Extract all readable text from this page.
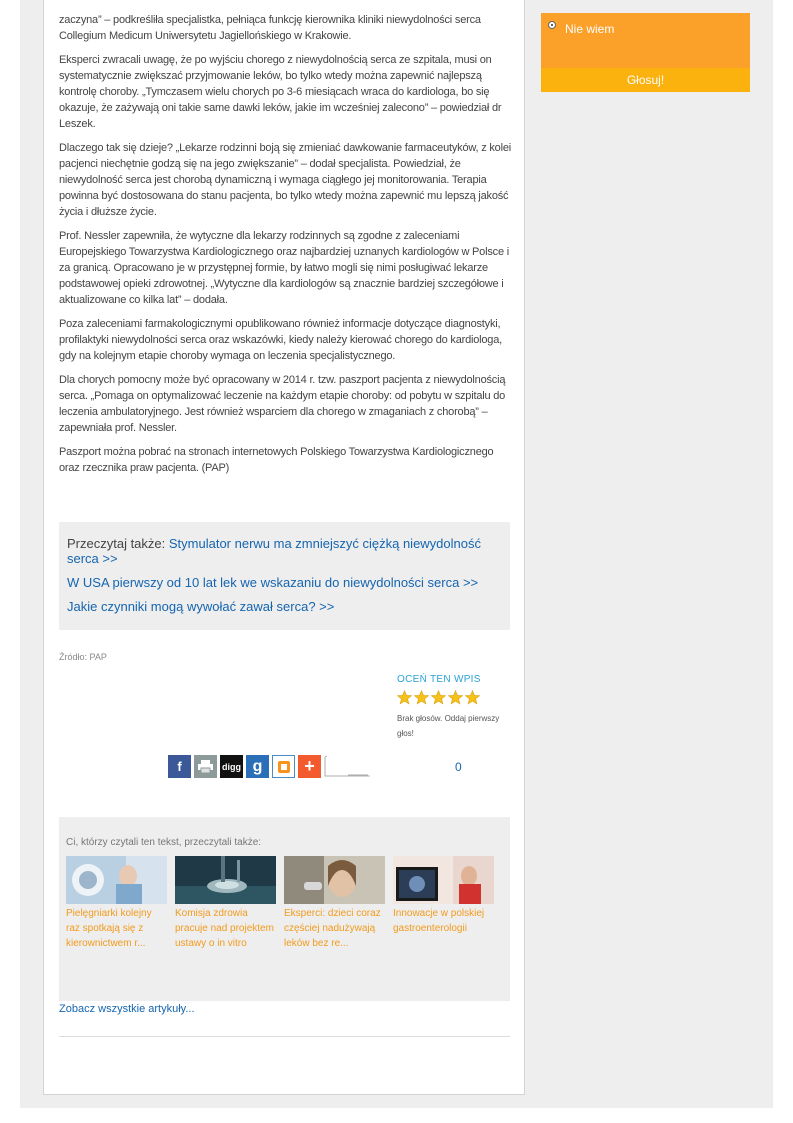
zaczyna” – podkreśliła specjalistka, pełniąca funkcję kierownika kliniki niewydolności serca Collegium Medicum Uniwersytetu Jagiellońskiego w Krakowie.

Eksperci zwracali uwagę, że po wyjściu chorego z niewydolnością serca ze szpitala, musi on systematycznie zwiększać przyjmowanie leków, bo tylko wtedy można zapewnić najlepszą kontrolę choroby. „Tymczasem wielu chorych po 3-6 miesiącach wraca do kardiologa, bo się okazuje, że zażywają oni takie same dawki leków, jakie im wcześniej zalecono” – powiedział dr Leszek.

Dlaczego tak się dzieje? „Lekarze rodzinni boją się zmieniać dawkowanie farmaceutyków, z kolei pacjenci niechętnie godzą się na jego zwiększanie” – dodał specjalista. Powiedział, że niewydolność serca jest chorobą dynamiczną i wymaga ciągłego jej monitorowania. Terapia powinna być dostosowana do stanu pacjenta, bo tylko wtedy można zapewnić mu lepszą jakość życia i dłuższe życie.

Prof. Nessler zapewniła, że wytyczne dla lekarzy rodzinnych są zgodne z zaleceniami Europejskiego Towarzystwa Kardiologicznego oraz najbardziej uznanych kardiologów w Polsce i za granicą. Opracowano je w przystępnej formie, by łatwo mogli się nimi posługiwać lekarze podstawowej opieki zdrowotnej. „Wytyczne dla kardiologów są znacznie bardziej szczegółowe i aktualizowane co kilka lat” – dodała.

Poza zaleceniami farmakologicznymi opublikowano również informacje dotyczące diagnostyki, profilaktyki niewydolności serca oraz wskazówki, kiedy należy kierować chorego do kardiologa, gdy na kolejnym etapie choroby wymaga on leczenia specjalistycznego.

Dla chorych pomocny może być opracowany w 2014 r. tzw. paszport pacjenta z niewydolnością serca. „Pomaga on optymalizować leczenie na każdym etapie choroby: od pobytu w szpitalu do leczenia ambulatoryjnego. Jest również wsparciem dla chorego w zmaganiach z chorobą” – zapewniała prof. Nessler.

Paszport można pobrać na stronach internetowych Polskiego Towarzystwa Kardiologicznego oraz rzecznika praw pacjenta. (PAP)

Przeczytaj także: Stymulator nerwu ma zmniejszyć ciężką niewydolność serca >>
W USA pierwszy od 10 lat lek we wskazaniu do niewydolności serca >>
Jakie czynniki mogą wywołać zawał serca? >>
Źródło: PAP
OCEŃ TEN WPIS
Brak głosów. Oddaj pierwszy głos!
f	digg g	+	0
Ci, którzy czytali ten tekst, przeczytali także:
Pielęgniarki kolejny raz spotkają się z kierownictwem r...
Komisja zdrowia pracuje nad projektem ustawy o in vitro
Eksperci: dzieci coraz częściej nadużywają leków bez re...
Innowacje w polskiej gastroenterologii
Zobacz wszystkie artykuły...
Nie wiem
Głosuj!
